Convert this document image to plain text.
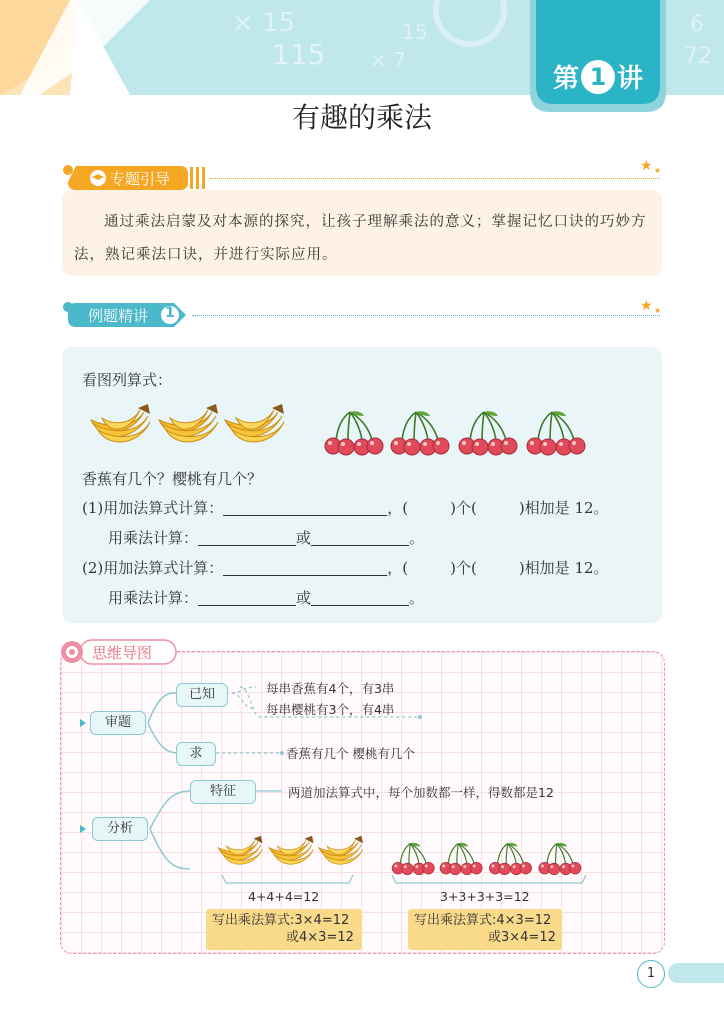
× 15
115
15
× 7
6
72
第 1 讲
有趣的乘法
专题引导
★ ★
通过乘法启蒙及对本源的探究，让孩子理解乘法的意义；掌握记忆口诀的巧妙方法，熟记乘法口诀，并进行实际应用。
例题精讲 1	★ ★
看图列算式：
香蕉有几个？樱桃有几个？
(1)用加法算式计算：	，(	)个(	)相加是 12。
用乘法计算：	或	。
(2)用加法算式计算：	，(	)个(	)相加是 12。
用乘法计算：	或	。
思维导图
审题
已知	每串香蕉有4个，有3串
每串樱桃有3个，有4串
求	香蕉有几个 樱桃有几个
分析
特征	两道加法算式中，每个加数都一样，得数都是12
4+4+4=12	3+3+3+3=12
写出乘法算式:3×4=12
或4×3=12
写出乘法算式:4×3=12
或3×4=12
1
